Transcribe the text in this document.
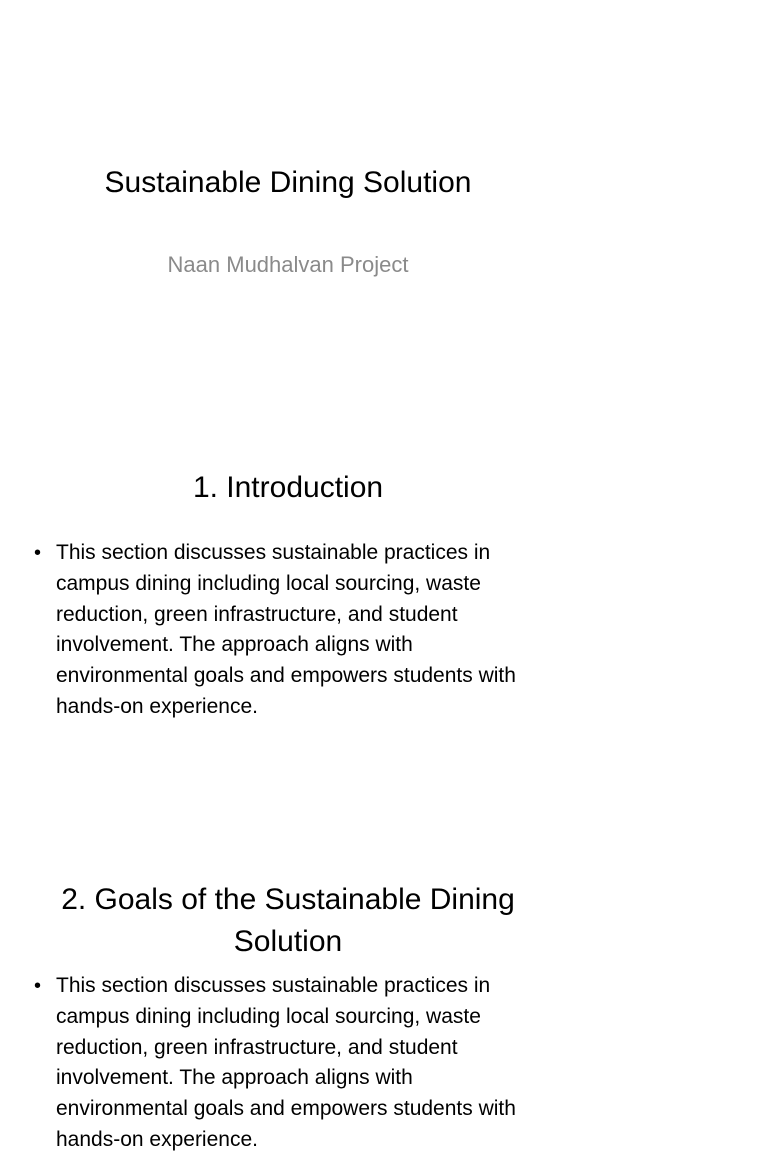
Sustainable Dining Solution
Naan Mudhalvan Project
1. Introduction
• This section discusses sustainable practices in campus dining including local sourcing, waste reduction, green infrastructure, and student involvement. The approach aligns with environmental goals and empowers students with hands-on experience.
2. Goals of the Sustainable Dining Solution
• This section discusses sustainable practices in campus dining including local sourcing, waste reduction, green infrastructure, and student involvement. The approach aligns with environmental goals and empowers students with hands-on experience.
